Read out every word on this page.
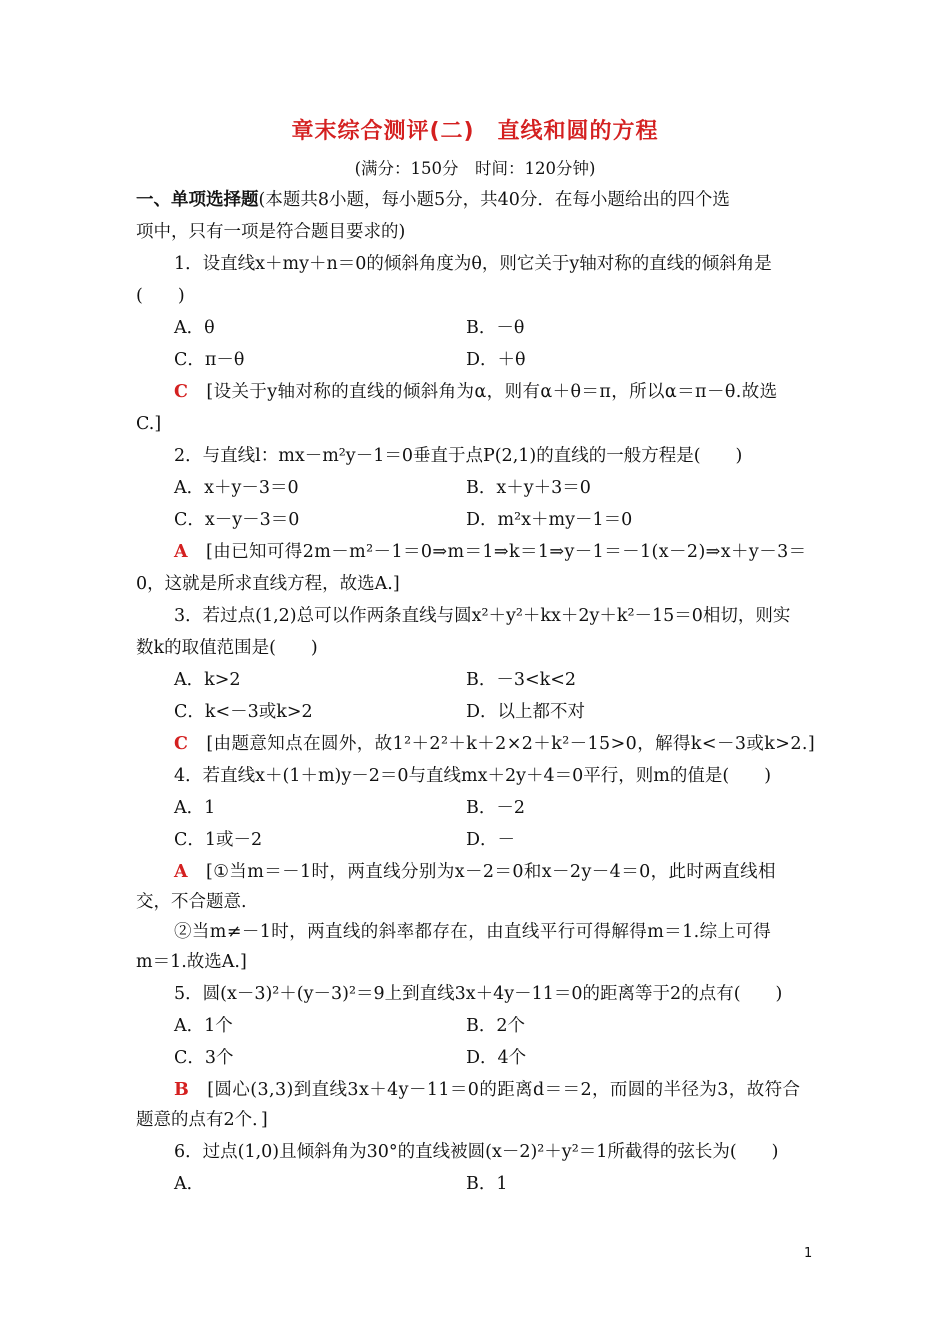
章末综合测评(二)　直线和圆的方程
(满分：150分　时间：120分钟)
一、单项选择题(本题共8小题，每小题5分，共40分．在每小题给出的四个选
项中，只有一项是符合题目要求的)
1．设直线x＋my＋n＝0的倾斜角度为θ，则它关于y轴对称的直线的倾斜角是
(　　)
A．θ	B．－θ
C．π－θ	D．＋θ
C [设关于y轴对称的直线的倾斜角为α，则有α＋θ＝π，所以α＝π－θ.故选
C.]
2．与直线l：mx－m²y－1＝0垂直于点P(2,1)的直线的一般方程是(　　)
A．x＋y－3＝0	B．x＋y＋3＝0
C．x－y－3＝0	D．m²x＋my－1＝0
A [由已知可得2m－m²－1＝0⇒m＝1⇒k＝1⇒y－1＝－1(x－2)⇒x＋y－3＝
0，这就是所求直线方程，故选A.]
3．若过点(1,2)总可以作两条直线与圆x²＋y²＋kx＋2y＋k²－15＝0相切，则实
数k的取值范围是(　　)
A．k>2	B．－3<k<2
C．k<－3或k>2	D．以上都不对
C [由题意知点在圆外，故1²＋2²＋k＋2×2＋k²－15>0，解得k<－3或k>2.]
4．若直线x＋(1＋m)y－2＝0与直线mx＋2y＋4＝0平行，则m的值是(　　)
A．1	B．－2
C．1或－2	D．－
A [①当m＝－1时，两直线分别为x－2＝0和x－2y－4＝0，此时两直线相
交，不合题意.
②当m≠－1时，两直线的斜率都存在，由直线平行可得解得m＝1.综上可得
m＝1.故选A.]
5．圆(x－3)²＋(y－3)²＝9上到直线3x＋4y－11＝0的距离等于2的点有(　　)
A．1个	B．2个
C．3个	D．4个
B [圆心(3,3)到直线3x＋4y－11＝0的距离d＝＝2，而圆的半径为3，故符合
题意的点有2个．]
6．过点(1,0)且倾斜角为30°的直线被圆(x－2)²＋y²＝1所截得的弦长为(　　)
A．	B．1
1
